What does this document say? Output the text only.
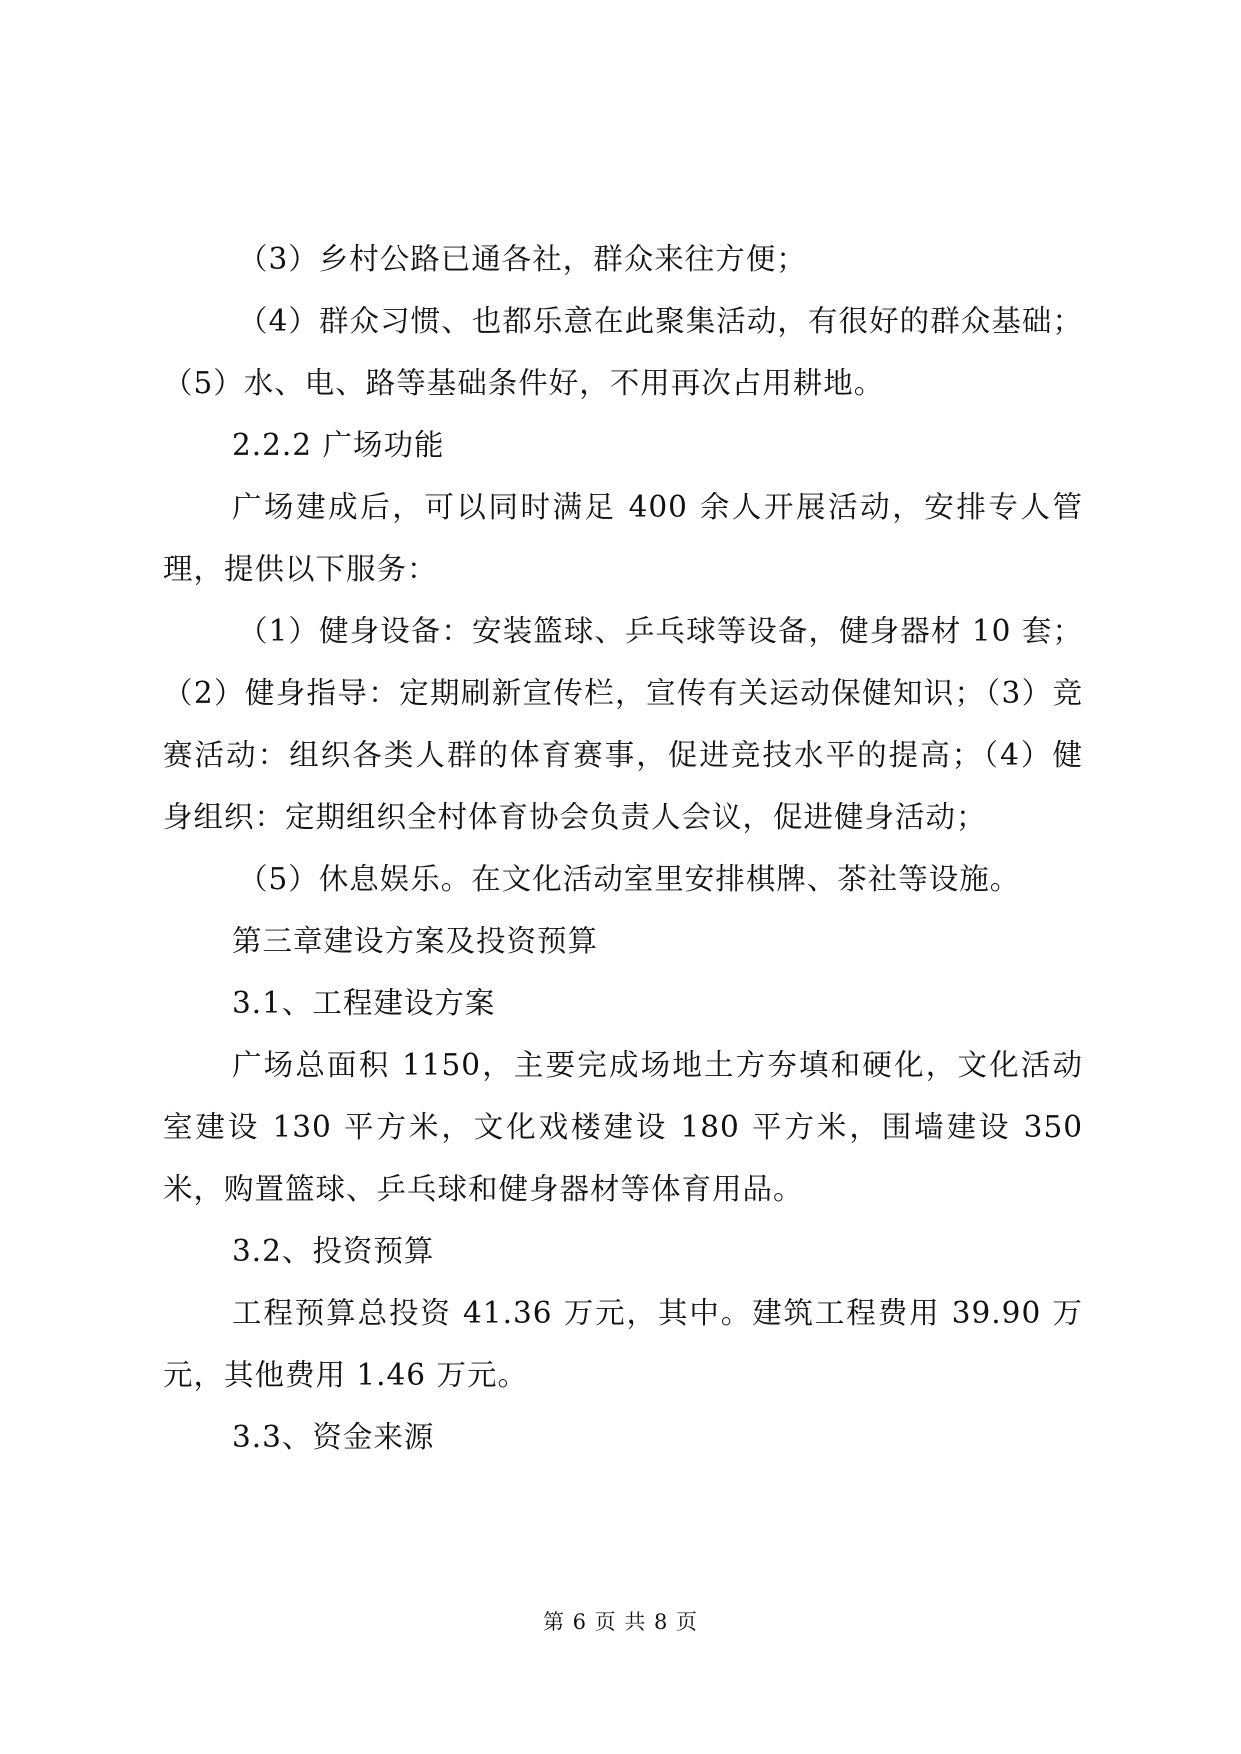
（3）乡村公路已通各社，群众来往方便；

（4）群众习惯、也都乐意在此聚集活动，有很好的群众基础；（5）水、电、路等基础条件好，不用再次占用耕地。

2.2.2 广场功能

广场建成后，可以同时满足 400 余人开展活动，安排专人管理，提供以下服务：

（1）健身设备：安装篮球、乒乓球等设备，健身器材 10 套；（2）健身指导：定期刷新宣传栏，宣传有关运动保健知识；（3）竞赛活动：组织各类人群的体育赛事，促进竞技水平的提高；（4）健身组织：定期组织全村体育协会负责人会议，促进健身活动；

（5）休息娱乐。在文化活动室里安排棋牌、茶社等设施。

第三章建设方案及投资预算

3.1、工程建设方案

广场总面积 1150，主要完成场地土方夯填和硬化，文化活动室建设 130 平方米，文化戏楼建设 180 平方米，围墙建设 350 米，购置篮球、乒乓球和健身器材等体育用品。

3.2、投资预算

工程预算总投资 41.36 万元，其中。建筑工程费用 39.90 万元，其他费用 1.46 万元。

3.3、资金来源

第 6 页 共 8 页
